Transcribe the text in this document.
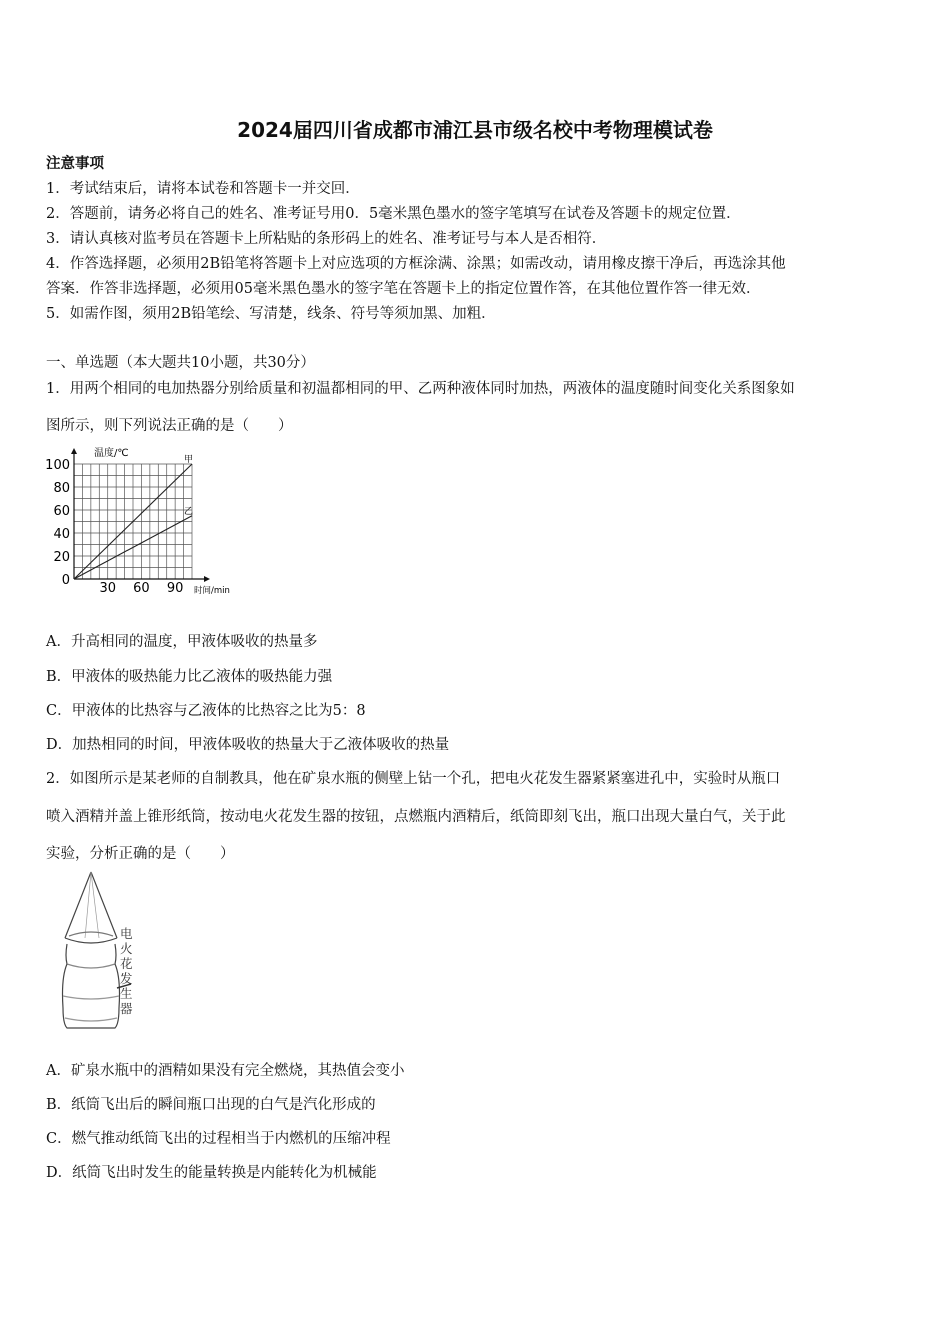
2024届四川省成都市浦江县市级名校中考物理模试卷
注意事项
1．考试结束后，请将本试卷和答题卡一并交回．
2．答题前，请务必将自己的姓名、准考证号用0．5毫米黑色墨水的签字笔填写在试卷及答题卡的规定位置．
3．请认真核对监考员在答题卡上所粘贴的条形码上的姓名、准考证号与本人是否相符．
4．作答选择题，必须用2B铅笔将答题卡上对应选项的方框涂满、涂黑；如需改动，请用橡皮擦干净后，再选涂其他
答案．作答非选择题，必须用05毫米黑色墨水的签字笔在答题卡上的指定位置作答，在其他位置作答一律无效．
5．如需作图，须用2B铅笔绘、写清楚，线条、符号等须加黑、加粗．
一、单选题（本大题共10小题，共30分）
1．用两个相同的电加热器分别给质量和初温都相同的甲、乙两种液体同时加热，两液体的温度随时间变化关系图象如
图所示，则下列说法正确的是（　　）
100
80
60
40
20
0
30 60 90
温度/℃
时间/min
甲
乙
A．升高相同的温度，甲液体吸收的热量多
B．甲液体的吸热能力比乙液体的吸热能力强
C．甲液体的比热容与乙液体的比热容之比为5：8
D．加热相同的时间，甲液体吸收的热量大于乙液体吸收的热量
2．如图所示是某老师的自制教具，他在矿泉水瓶的侧壁上钻一个孔，把电火花发生器紧紧塞进孔中，实验时从瓶口
喷入酒精并盖上锥形纸筒，按动电火花发生器的按钮，点燃瓶内酒精后，纸筒即刻飞出，瓶口出现大量白气，关于此
实验，分析正确的是（　　）
电火花发生器
A．矿泉水瓶中的酒精如果没有完全燃烧，其热值会变小
B．纸筒飞出后的瞬间瓶口出现的白气是汽化形成的
C．燃气推动纸筒飞出的过程相当于内燃机的压缩冲程
D．纸筒飞出时发生的能量转换是内能转化为机械能
